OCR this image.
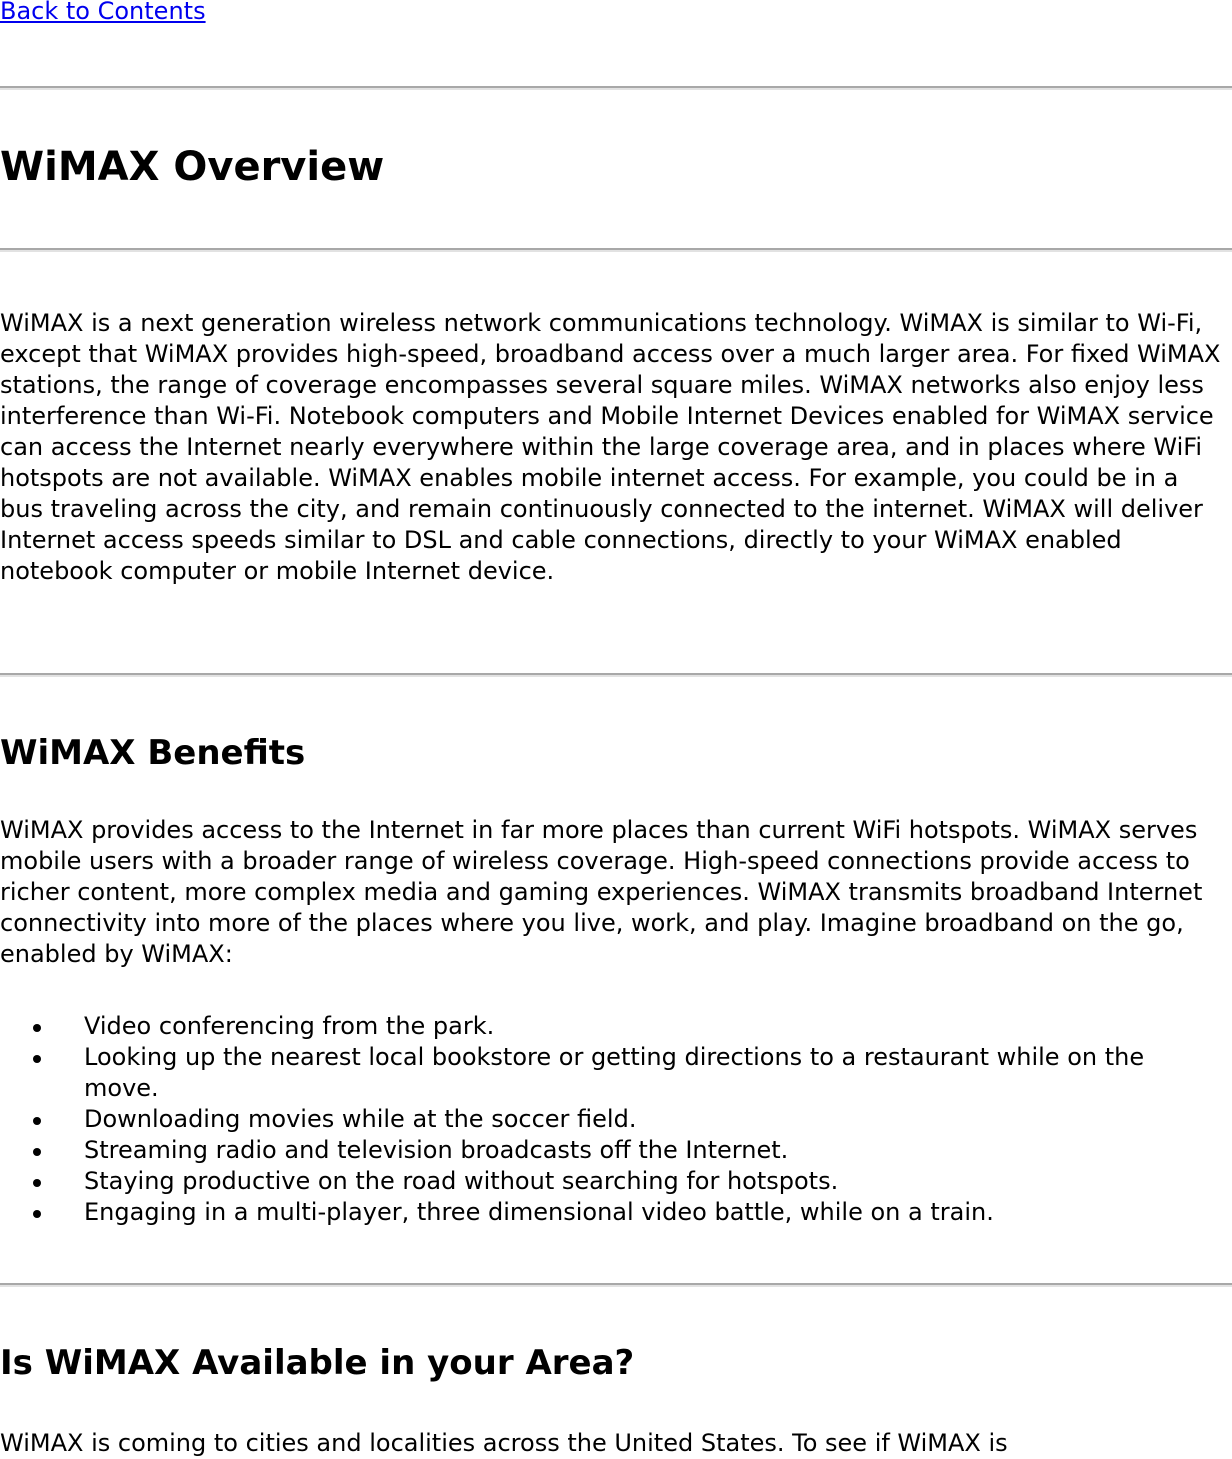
Back to Contents
WiMAX Overview

WiMAX is a next generation wireless network communications technology. WiMAX is similar to Wi-Fi, except that WiMAX provides high-speed, broadband access over a much larger area. For fixed WiMAX stations, the range of coverage encompasses several square miles. WiMAX networks also enjoy less interference than Wi-Fi. Notebook computers and Mobile Internet Devices enabled for WiMAX service can access the Internet nearly everywhere within the large coverage area, and in places where WiFi hotspots are not available. WiMAX enables mobile internet access. For example, you could be in a bus traveling across the city, and remain continuously connected to the internet. WiMAX will deliver Internet access speeds similar to DSL and cable connections, directly to your WiMAX enabled notebook computer or mobile Internet device.

WiMAX Benefits

WiMAX provides access to the Internet in far more places than current WiFi hotspots. WiMAX serves mobile users with a broader range of wireless coverage. High-speed connections provide access to richer content, more complex media and gaming experiences. WiMAX transmits broadband Internet connectivity into more of the places where you live, work, and play. Imagine broadband on the go, enabled by WiMAX:

Video conferencing from the park.
Looking up the nearest local bookstore or getting directions to a restaurant while on the move.
Downloading movies while at the soccer field.
Streaming radio and television broadcasts off the Internet.
Staying productive on the road without searching for hotspots.
Engaging in a multi-player, three dimensional video battle, while on a train.
Is WiMAX Available in your Area?

WiMAX is coming to cities and localities across the United States. To see if WiMAX is
